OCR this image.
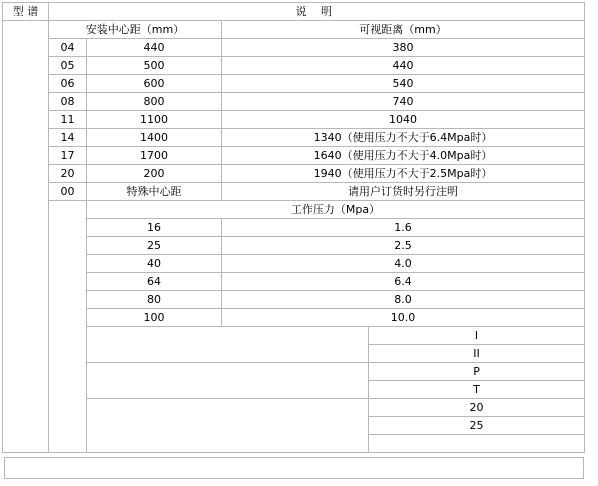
型 谱	说 明				
	安装中心距（mm）		可视距离（mm）		
	04	440	380		
	05	500	440		
	06	600	540		
	08	800	740		
	11	1100	1040		
	14	1400	1340（使用压力不大于6.4Mpa时）		
	17	1700	1640（使用压力不大于4.0Mpa时）		
	20	200	1940（使用压力不大于2.5Mpa时）		
	00	特殊中心距	请用户订货时另行注明		
		工作压力（Mpa）			
		16	1.6		
		25	2.5		
		40	4.0		
		64	6.4		
		80	8.0		
		100	10.0		
				I	
				II	
				P	
				T	
				20	
				25	
